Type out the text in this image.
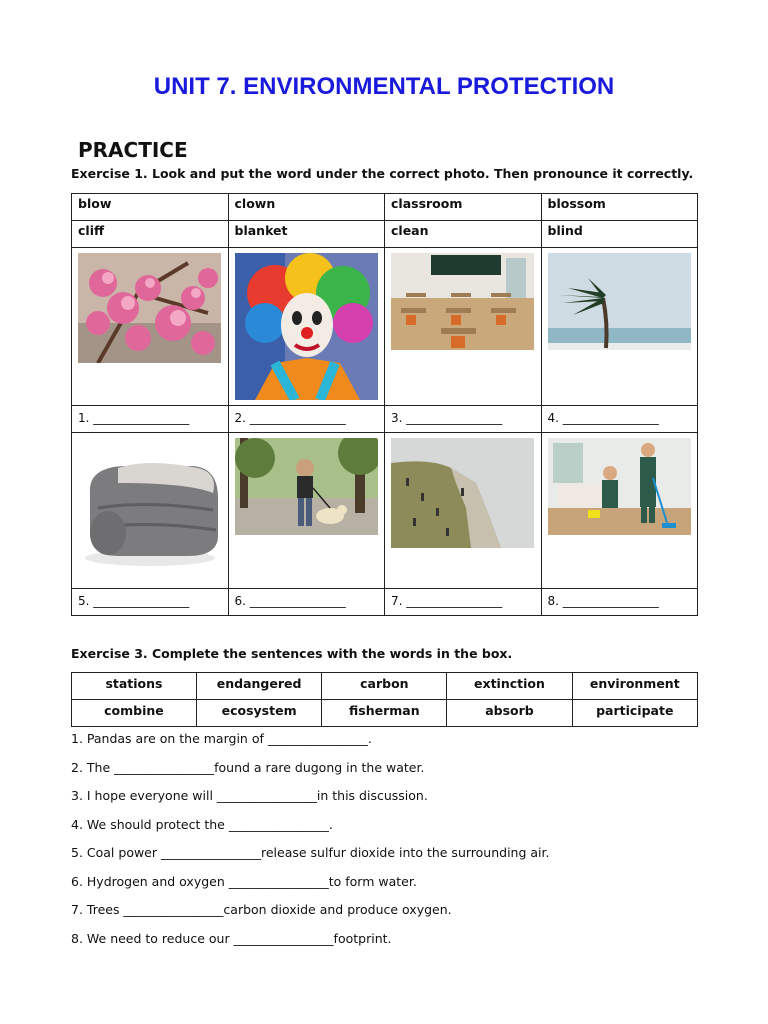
UNIT 7. ENVIRONMENTAL PROTECTION
PRACTICE
Exercise 1. Look and put the word under the correct photo. Then pronounce it correctly.
blow	clown	classroom	blossom
cliff	blanket	clean	blind

1. ________________	2. ________________	3. ________________	4. ________________

5. ________________	6. ________________	7. ________________	8. ________________
Exercise 3. Complete the sentences with the words in the box.
stations	endangered	carbon	extinction	environment
combine	ecosystem	fisherman	absorb	participate
1. Pandas are on the margin of ________________.
2. The ________________found a rare dugong in the water.
3. I hope everyone will ________________in this discussion.
4. We should protect the ________________.
5. Coal power ________________release sulfur dioxide into the surrounding air.
6. Hydrogen and oxygen ________________to form water.
7. Trees ________________carbon dioxide and produce oxygen.
8. We need to reduce our ________________footprint.
